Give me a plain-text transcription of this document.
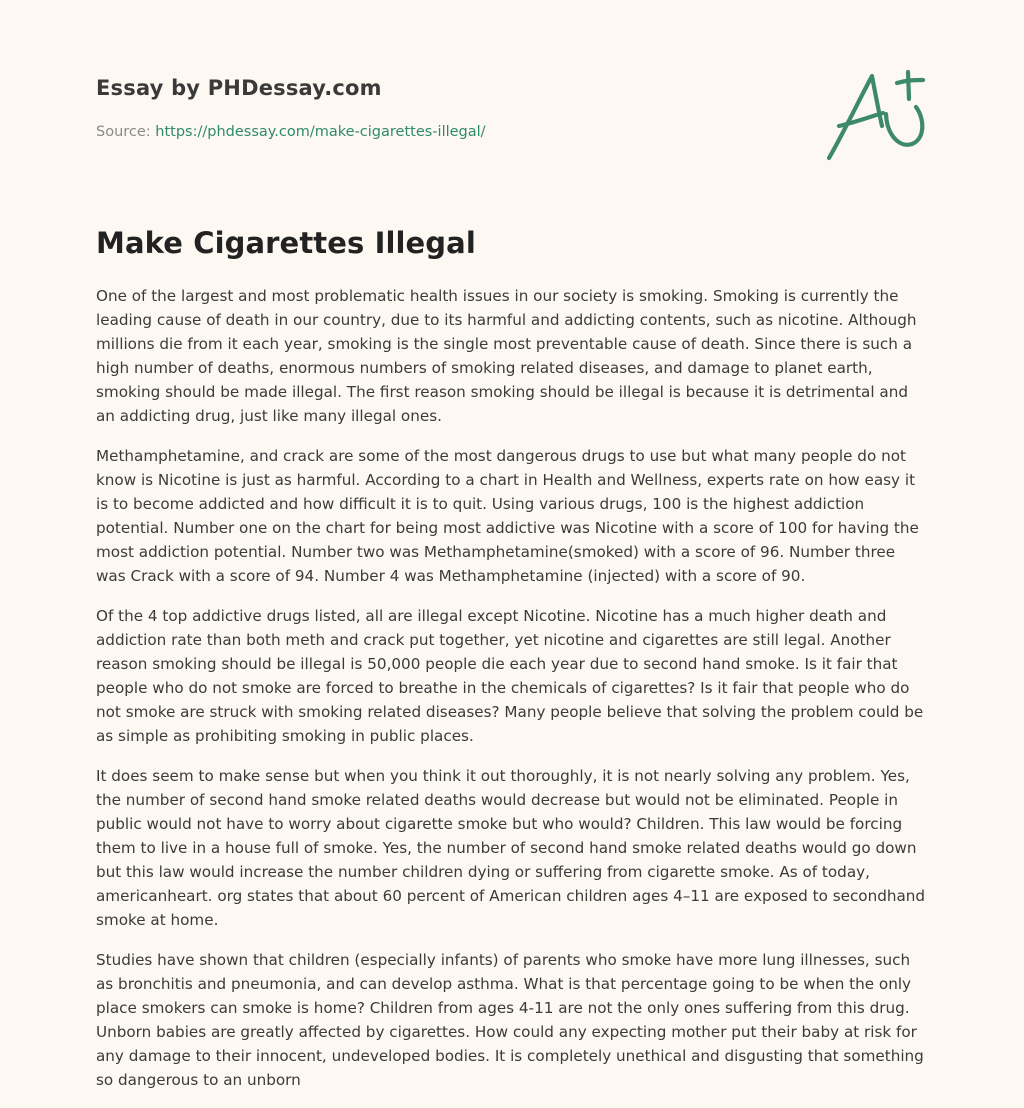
Essay by PHDessay.com
Source: https://phdessay.com/make-cigarettes-illegal/
Make Cigarettes Illegal

One of the largest and most problematic health issues in our society is smoking. Smoking is currently the leading cause of death in our country, due to its harmful and addicting contents, such as nicotine. Although millions die from it each year, smoking is the single most preventable cause of death. Since there is such a high number of deaths, enormous numbers of smoking related diseases, and damage to planet earth, smoking should be made illegal. The first reason smoking should be illegal is because it is detrimental and an addicting drug, just like many illegal ones.

Methamphetamine, and crack are some of the most dangerous drugs to use but what many people do not know is Nicotine is just as harmful. According to a chart in Health and Wellness, experts rate on how easy it is to become addicted and how difficult it is to quit. Using various drugs, 100 is the highest addiction potential. Number one on the chart for being most addictive was Nicotine with a score of 100 for having the most addiction potential. Number two was Methamphetamine(smoked) with a score of 96. Number three was Crack with a score of 94. Number 4 was Methamphetamine (injected) with a score of 90.

Of the 4 top addictive drugs listed, all are illegal except Nicotine. Nicotine has a much higher death and addiction rate than both meth and crack put together, yet nicotine and cigarettes are still legal. Another reason smoking should be illegal is 50,000 people die each year due to second hand smoke. Is it fair that people who do not smoke are forced to breathe in the chemicals of cigarettes? Is it fair that people who do not smoke are struck with smoking related diseases? Many people believe that solving the problem could be as simple as prohibiting smoking in public places.

It does seem to make sense but when you think it out thoroughly, it is not nearly solving any problem. Yes, the number of second hand smoke related deaths would decrease but would not be eliminated. People in public would not have to worry about cigarette smoke but who would? Children. This law would be forcing them to live in a house full of smoke. Yes, the number of second hand smoke related deaths would go down but this law would increase the number children dying or suffering from cigarette smoke. As of today, americanheart. org states that about 60 percent of American children ages 4–11 are exposed to secondhand smoke at home.

Studies have shown that children (especially infants) of parents who smoke have more lung illnesses, such as bronchitis and pneumonia, and can develop asthma. What is that percentage going to be when the only place smokers can smoke is home? Children from ages 4-11 are not the only ones suffering from this drug. Unborn babies are greatly affected by cigarettes. How could any expecting mother put their baby at risk for any damage to their innocent, undeveloped bodies. It is completely unethical and disgusting that something so dangerous to an unborn
